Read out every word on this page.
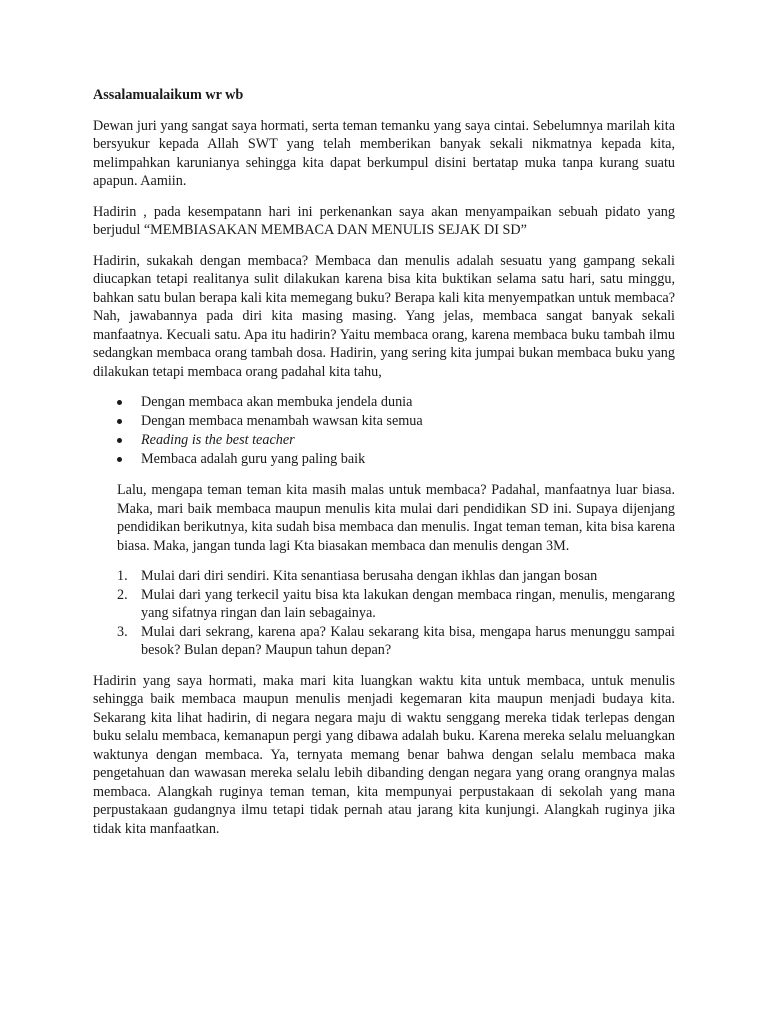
Assalamualaikum wr wb

Dewan juri yang sangat saya hormati, serta teman temanku yang saya cintai. Sebelumnya marilah kita bersyukur kepada Allah SWT yang telah memberikan banyak sekali nikmatnya kepada kita, melimpahkan karunianya sehingga kita dapat berkumpul disini bertatap muka tanpa kurang suatu apapun. Aamiin.

Hadirin , pada kesempatann hari ini perkenankan saya akan menyampaikan sebuah pidato yang berjudul “MEMBIASAKAN MEMBACA DAN MENULIS SEJAK DI SD”

Hadirin, sukakah dengan membaca? Membaca dan menulis adalah sesuatu yang gampang sekali diucapkan tetapi realitanya sulit dilakukan karena bisa kita buktikan selama satu hari, satu minggu, bahkan satu bulan berapa kali kita memegang buku? Berapa kali kita menyempatkan untuk membaca? Nah, jawabannya pada diri kita masing masing. Yang jelas, membaca sangat banyak sekali manfaatnya. Kecuali satu. Apa itu hadirin? Yaitu membaca orang, karena membaca buku tambah ilmu sedangkan membaca orang tambah dosa. Hadirin, yang sering kita jumpai bukan membaca buku yang dilakukan tetapi membaca orang padahal kita tahu,

Dengan membaca akan membuka jendela dunia
Dengan membaca menambah wawsan kita semua
Reading is the best teacher
Membaca adalah guru yang paling baik

Lalu, mengapa teman teman kita masih malas untuk membaca? Padahal, manfaatnya luar biasa. Maka, mari baik membaca maupun menulis kita mulai dari pendidikan SD ini. Supaya dijenjang pendidikan berikutnya, kita sudah bisa membaca dan menulis. Ingat teman teman, kita bisa karena biasa. Maka, jangan tunda lagi Kta biasakan membaca dan menulis dengan 3M.

1. Mulai dari diri sendiri. Kita senantiasa berusaha dengan ikhlas dan jangan bosan
2. Mulai dari yang terkecil yaitu bisa kta lakukan dengan membaca ringan, menulis, mengarang yang sifatnya ringan dan lain sebagainya.
3. Mulai dari sekrang, karena apa? Kalau sekarang kita bisa, mengapa harus menunggu sampai besok? Bulan depan? Maupun tahun depan?

Hadirin yang saya hormati, maka mari kita luangkan waktu kita untuk membaca, untuk menulis sehingga baik membaca maupun menulis menjadi kegemaran kita maupun menjadi budaya kita. Sekarang kita lihat hadirin, di negara negara maju di waktu senggang mereka tidak terlepas dengan buku selalu membaca, kemanapun pergi yang dibawa adalah buku. Karena mereka selalu meluangkan waktunya dengan membaca. Ya, ternyata memang benar bahwa dengan selalu membaca maka pengetahuan dan wawasan mereka selalu lebih dibanding dengan negara yang orang orangnya malas membaca. Alangkah ruginya teman teman, kita mempunyai perpustakaan di sekolah yang mana perpustakaan gudangnya ilmu tetapi tidak pernah atau jarang kita kunjungi. Alangkah ruginya jika tidak kita manfaatkan.
